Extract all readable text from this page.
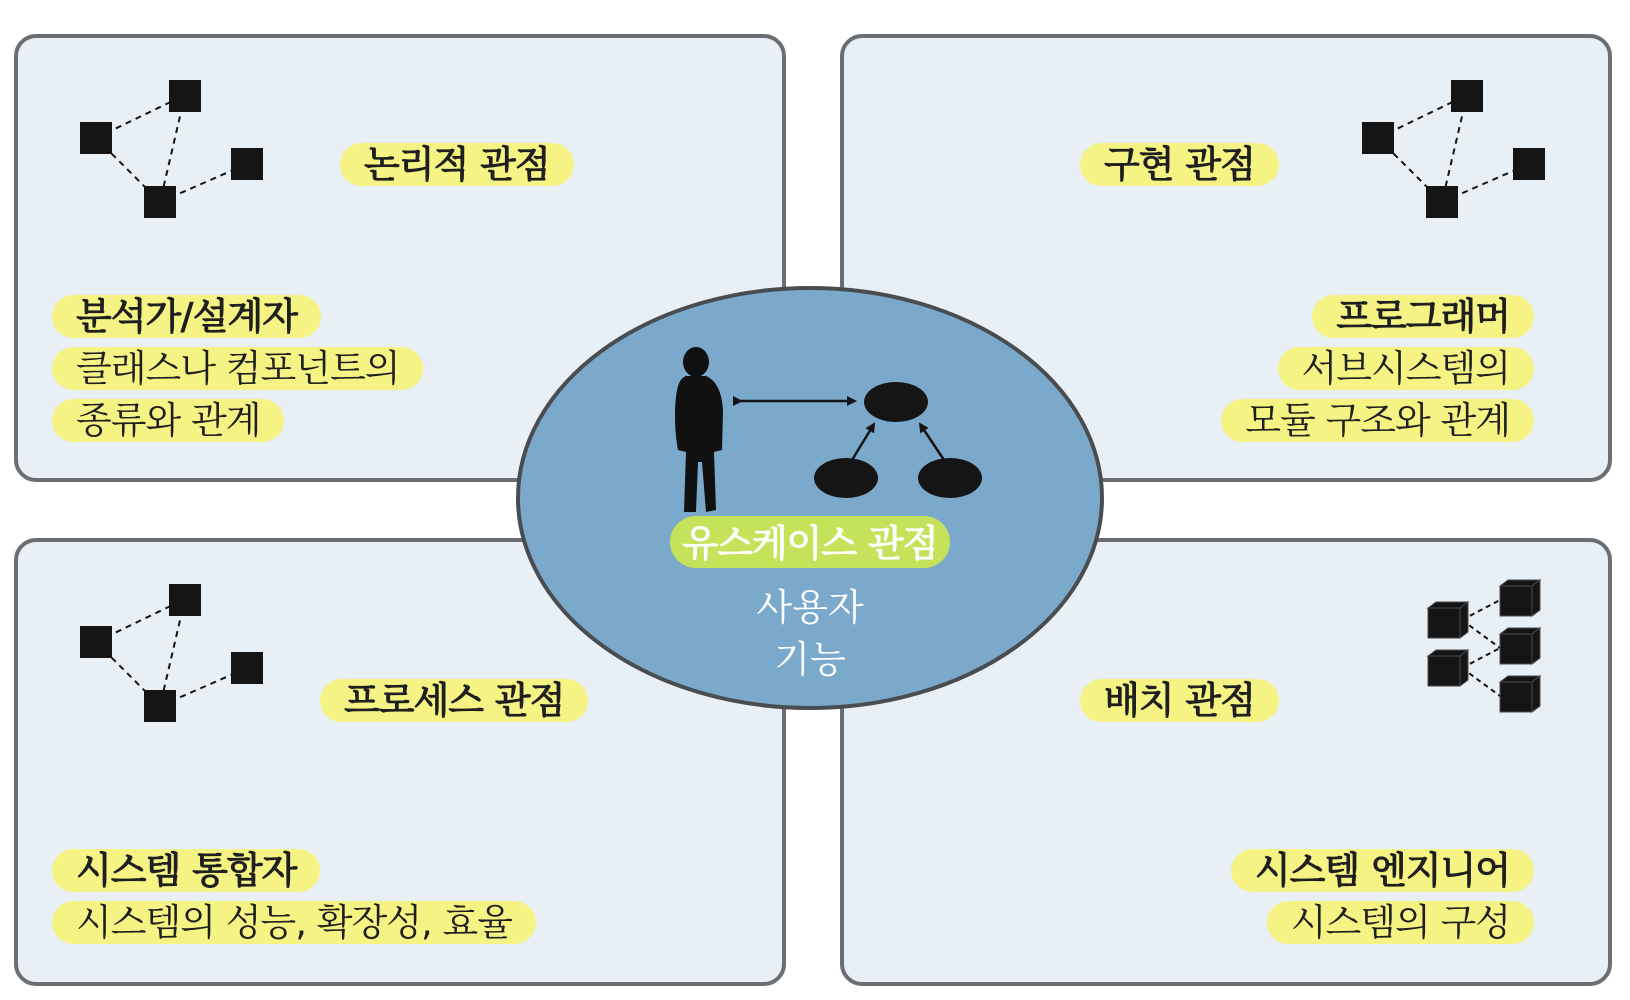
논리적 관점
분석가/설계자
클래스나 컴포넌트의
종류와 관계
구현 관점
프로그래머
서브시스템의
모듈 구조와 관계
프로세스 관점
시스템 통합자
시스템의 성능, 확장성, 효율
배치 관점
시스템 엔지니어
시스템의 구성
유스케이스 관점
사용자
기능
